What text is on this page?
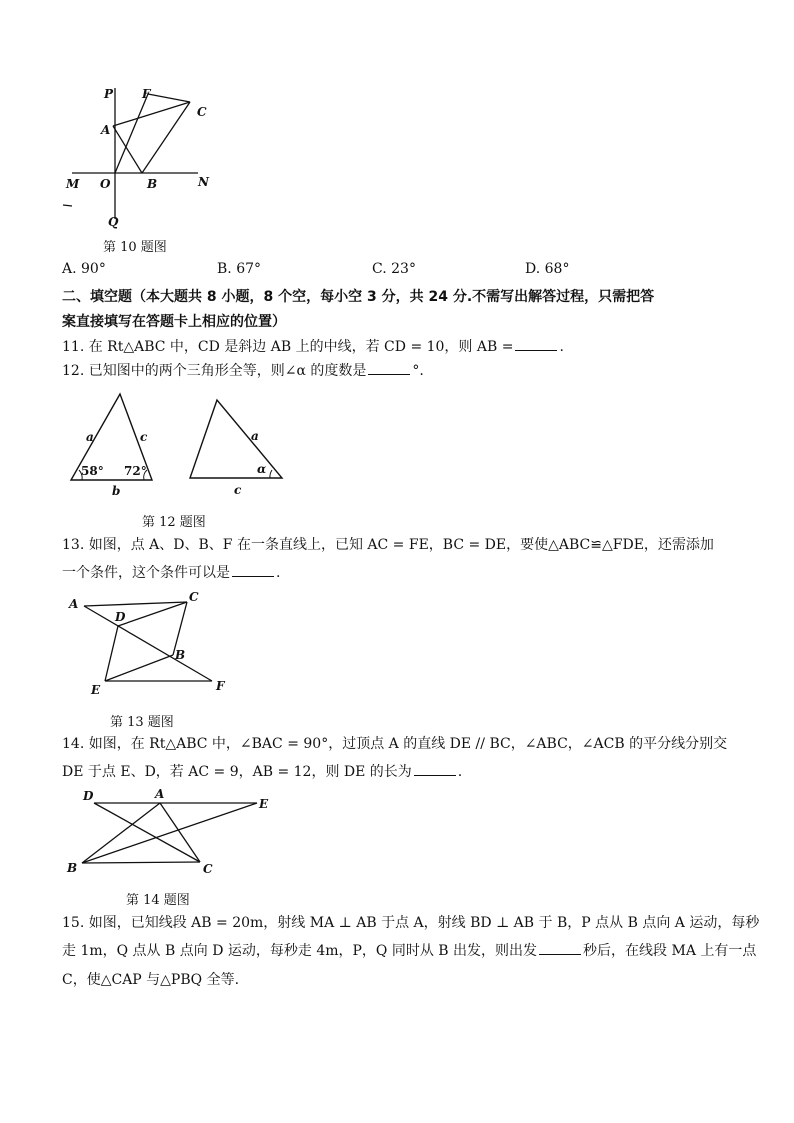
P F
C
A
M O	B	N
Q
第 10 题图
A. 90°	B. 67°	C. 23°	D. 68°
二、填空题（本大题共 8 小题，8 个空，每小空 3 分，共 24 分.不需写出解答过程，只需把答
案直接填写在答题卡上相应的位置）
11. 在 Rt△ABC 中，CD 是斜边 AB 上的中线，若 CD = 10，则 AB =	.
12. 已知图中的两个三角形全等，则∠α 的度数是	°.
a	c
b
58° 72°
a
α
c
第 12 题图
13. 如图，点 A、D、B、F 在一条直线上，已知 AC = FE，BC = DE，要使△ABC≌△FDE，还需添加
一个条件，这个条件可以是	.
A	C
D
B
E	F
第 13 题图
14. 如图，在 Rt△ABC 中，∠BAC = 90°，过顶点 A 的直线 DE // BC，∠ABC，∠ACB 的平分线分别交
DE 于点 E、D，若 AC = 9，AB = 12，则 DE 的长为	.
D	A
E
B	C
第 14 题图
15. 如图，已知线段 AB = 20m，射线 MA ⊥ AB 于点 A，射线 BD ⊥ AB 于 B，P 点从 B 点向 A 运动，每秒
走 1m，Q 点从 B 点向 D 运动，每秒走 4m，P，Q 同时从 B 出发，则出发	秒后，在线段 MA 上有一点
C，使△CAP 与△PBQ 全等.
